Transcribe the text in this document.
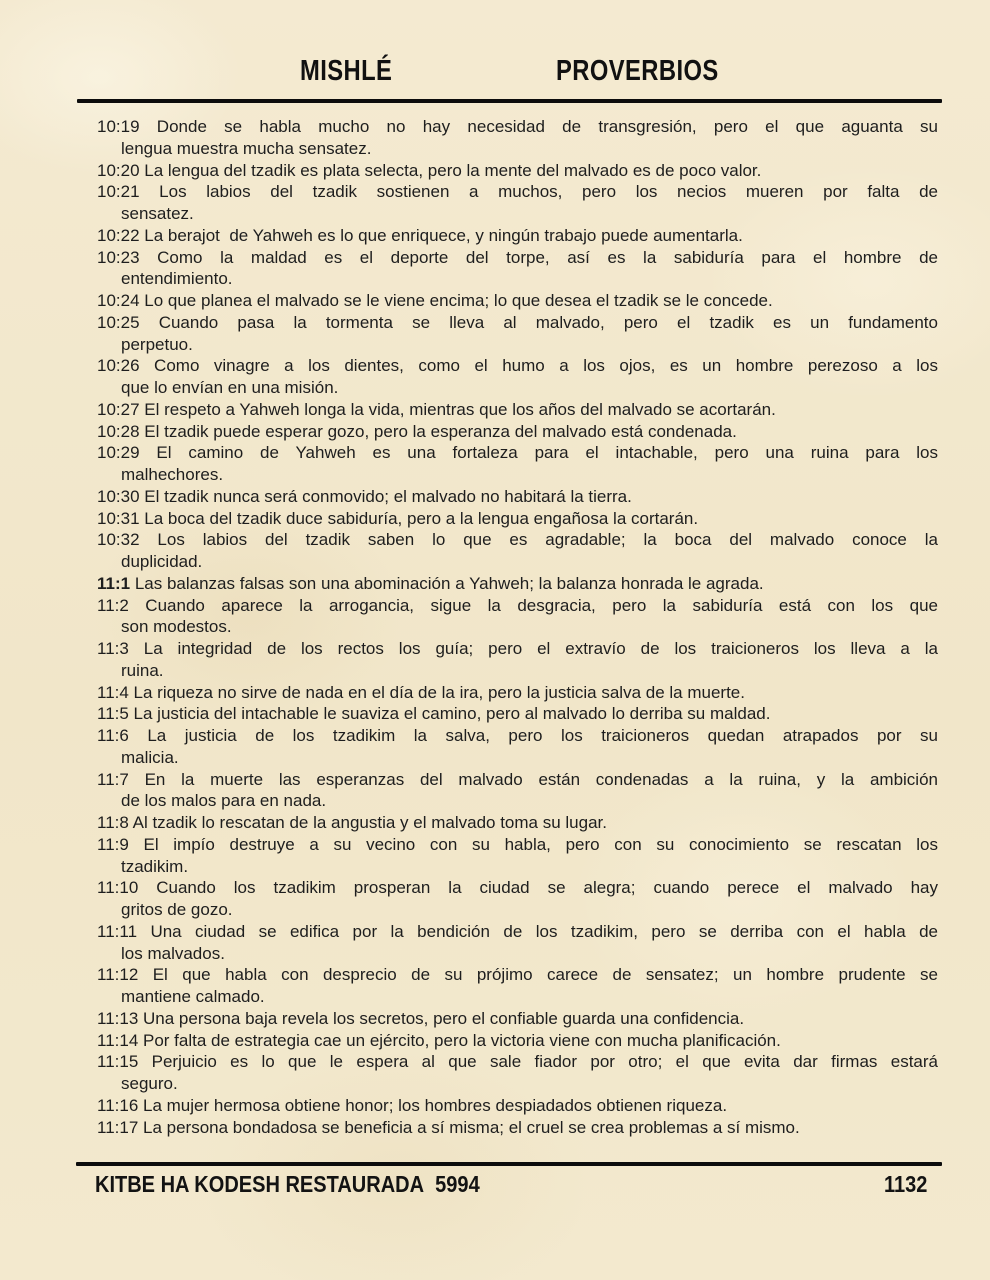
MISHLÉ	PROVERBIOS
10:19 Donde se habla mucho no hay necesidad de transgresión, pero el que aguanta su
lengua muestra mucha sensatez.
10:20 La lengua del tzadik es plata selecta, pero la mente del malvado es de poco valor.
10:21 Los labios del tzadik sostienen a muchos, pero los necios mueren por falta de
sensatez.
10:22 La berajot  de Yahweh es lo que enriquece, y ningún trabajo puede aumentarla.
10:23 Como la maldad es el deporte del torpe, así es la sabiduría para el hombre de
entendimiento.
10:24 Lo que planea el malvado se le viene encima; lo que desea el tzadik se le concede.
10:25 Cuando pasa la tormenta se lleva al malvado, pero el tzadik es un fundamento
perpetuo.
10:26 Como vinagre a los dientes, como el humo a los ojos, es un hombre perezoso a los
que lo envían en una misión.
10:27 El respeto a Yahweh longa la vida, mientras que los años del malvado se acortarán.
10:28 El tzadik puede esperar gozo, pero la esperanza del malvado está condenada.
10:29 El camino de Yahweh es una fortaleza para el intachable, pero una ruina para los
malhechores.
10:30 El tzadik nunca será conmovido; el malvado no habitará la tierra.
10:31 La boca del tzadik duce sabiduría, pero a la lengua engañosa la cortarán.
10:32 Los labios del tzadik saben lo que es agradable; la boca del malvado conoce la
duplicidad.
11:1 Las balanzas falsas son una abominación a Yahweh; la balanza honrada le agrada.
11:2 Cuando aparece la arrogancia, sigue la desgracia, pero la sabiduría está con los que
son modestos.
11:3 La integridad de los rectos los guía; pero el extravío de los traicioneros los lleva a la
ruina.
11:4 La riqueza no sirve de nada en el día de la ira, pero la justicia salva de la muerte.
11:5 La justicia del intachable le suaviza el camino, pero al malvado lo derriba su maldad.
11:6 La justicia de los tzadikim la salva, pero los traicioneros quedan atrapados por su
malicia.
11:7 En la muerte las esperanzas del malvado están condenadas a la ruina, y la ambición
de los malos para en nada.
11:8 Al tzadik lo rescatan de la angustia y el malvado toma su lugar.
11:9 El impío destruye a su vecino con su habla, pero con su conocimiento se rescatan los
tzadikim.
11:10 Cuando los tzadikim prosperan la ciudad se alegra; cuando perece el malvado hay
gritos de gozo.
11:11 Una ciudad se edifica por la bendición de los tzadikim, pero se derriba con el habla de
los malvados.
11:12 El que habla con desprecio de su prójimo carece de sensatez; un hombre prudente se
mantiene calmado.
11:13 Una persona baja revela los secretos, pero el confiable guarda una confidencia.
11:14 Por falta de estrategia cae un ejército, pero la victoria viene con mucha planificación.
11:15 Perjuicio es lo que le espera al que sale fiador por otro; el que evita dar firmas estará
seguro.
11:16 La mujer hermosa obtiene honor; los hombres despiadados obtienen riqueza.
11:17 La persona bondadosa se beneficia a sí misma; el cruel se crea problemas a sí mismo.
KITBE HA KODESH RESTAURADA  5994	1132
